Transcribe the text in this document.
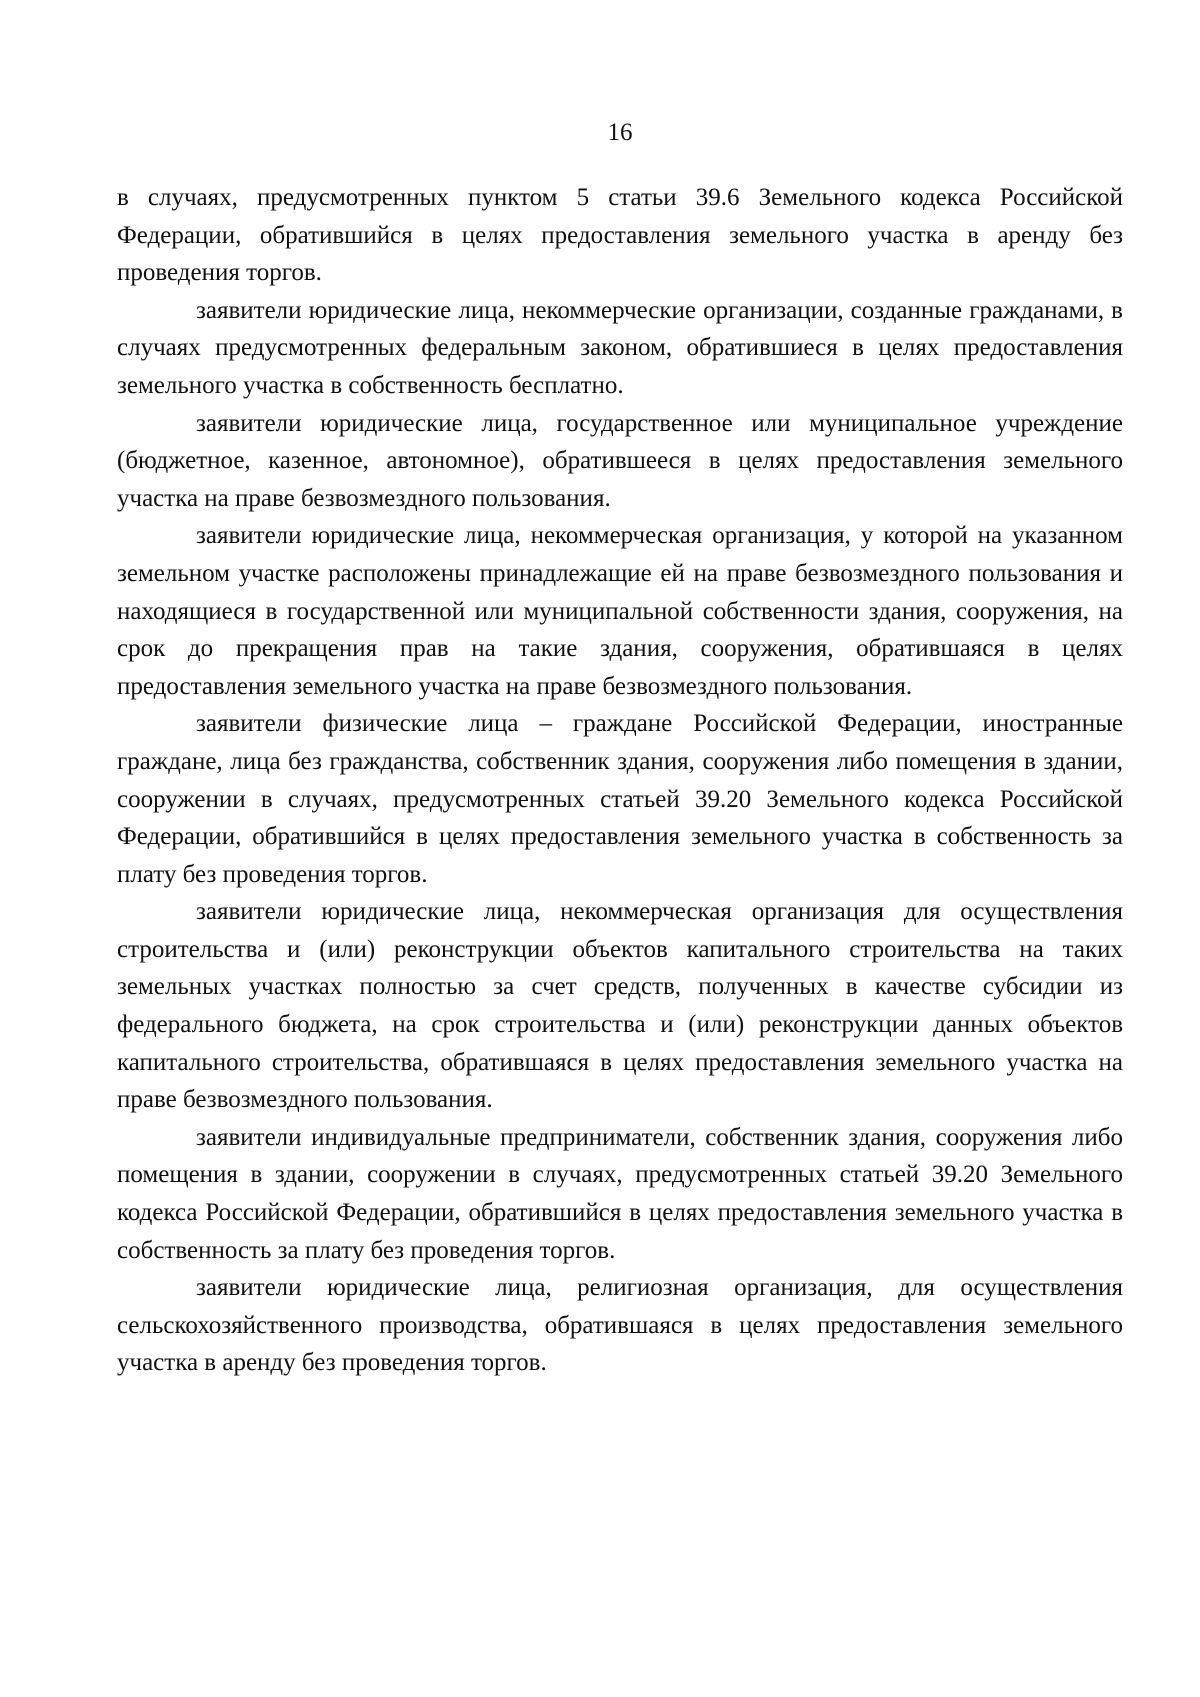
16

в случаях, предусмотренных пунктом 5 статьи 39.6 Земельного кодекса Российской Федерации, обратившийся в целях предоставления земельного участка в аренду без проведения торгов.

заявители юридические лица, некоммерческие организации, созданные гражданами, в случаях предусмотренных федеральным законом, обратившиеся в целях предоставления земельного участка в собственность бесплатно.

заявители юридические лица, государственное или муниципальное учреждение (бюджетное, казенное, автономное), обратившееся в целях предоставления земельного участка на праве безвозмездного пользования.

заявители юридические лица, некоммерческая организация, у которой на указанном земельном участке расположены принадлежащие ей на праве безвозмездного пользования и находящиеся в государственной или муниципальной собственности здания, сооружения, на срок до прекращения прав на такие здания, сооружения, обратившаяся в целях предоставления земельного участка на праве безвозмездного пользования.

заявители физические лица – граждане Российской Федерации, иностранные граждане, лица без гражданства, собственник здания, сооружения либо помещения в здании, сооружении в случаях, предусмотренных статьей 39.20 Земельного кодекса Российской Федерации, обратившийся в целях предоставления земельного участка в собственность за плату без проведения торгов.

заявители юридические лица, некоммерческая организация для осуществления строительства и (или) реконструкции объектов капитального строительства на таких земельных участках полностью за счет средств, полученных в качестве субсидии из федерального бюджета, на срок строительства и (или) реконструкции данных объектов капитального строительства, обратившаяся в целях предоставления земельного участка на праве безвозмездного пользования.

заявители индивидуальные предприниматели, собственник здания, сооружения либо помещения в здании, сооружении в случаях, предусмотренных статьей 39.20 Земельного кодекса Российской Федерации, обратившийся в целях предоставления земельного участка в собственность за плату без проведения торгов.

заявители юридические лица, религиозная организация, для осуществления сельскохозяйственного производства, обратившаяся в целях предоставления земельного участка в аренду без проведения торгов.
